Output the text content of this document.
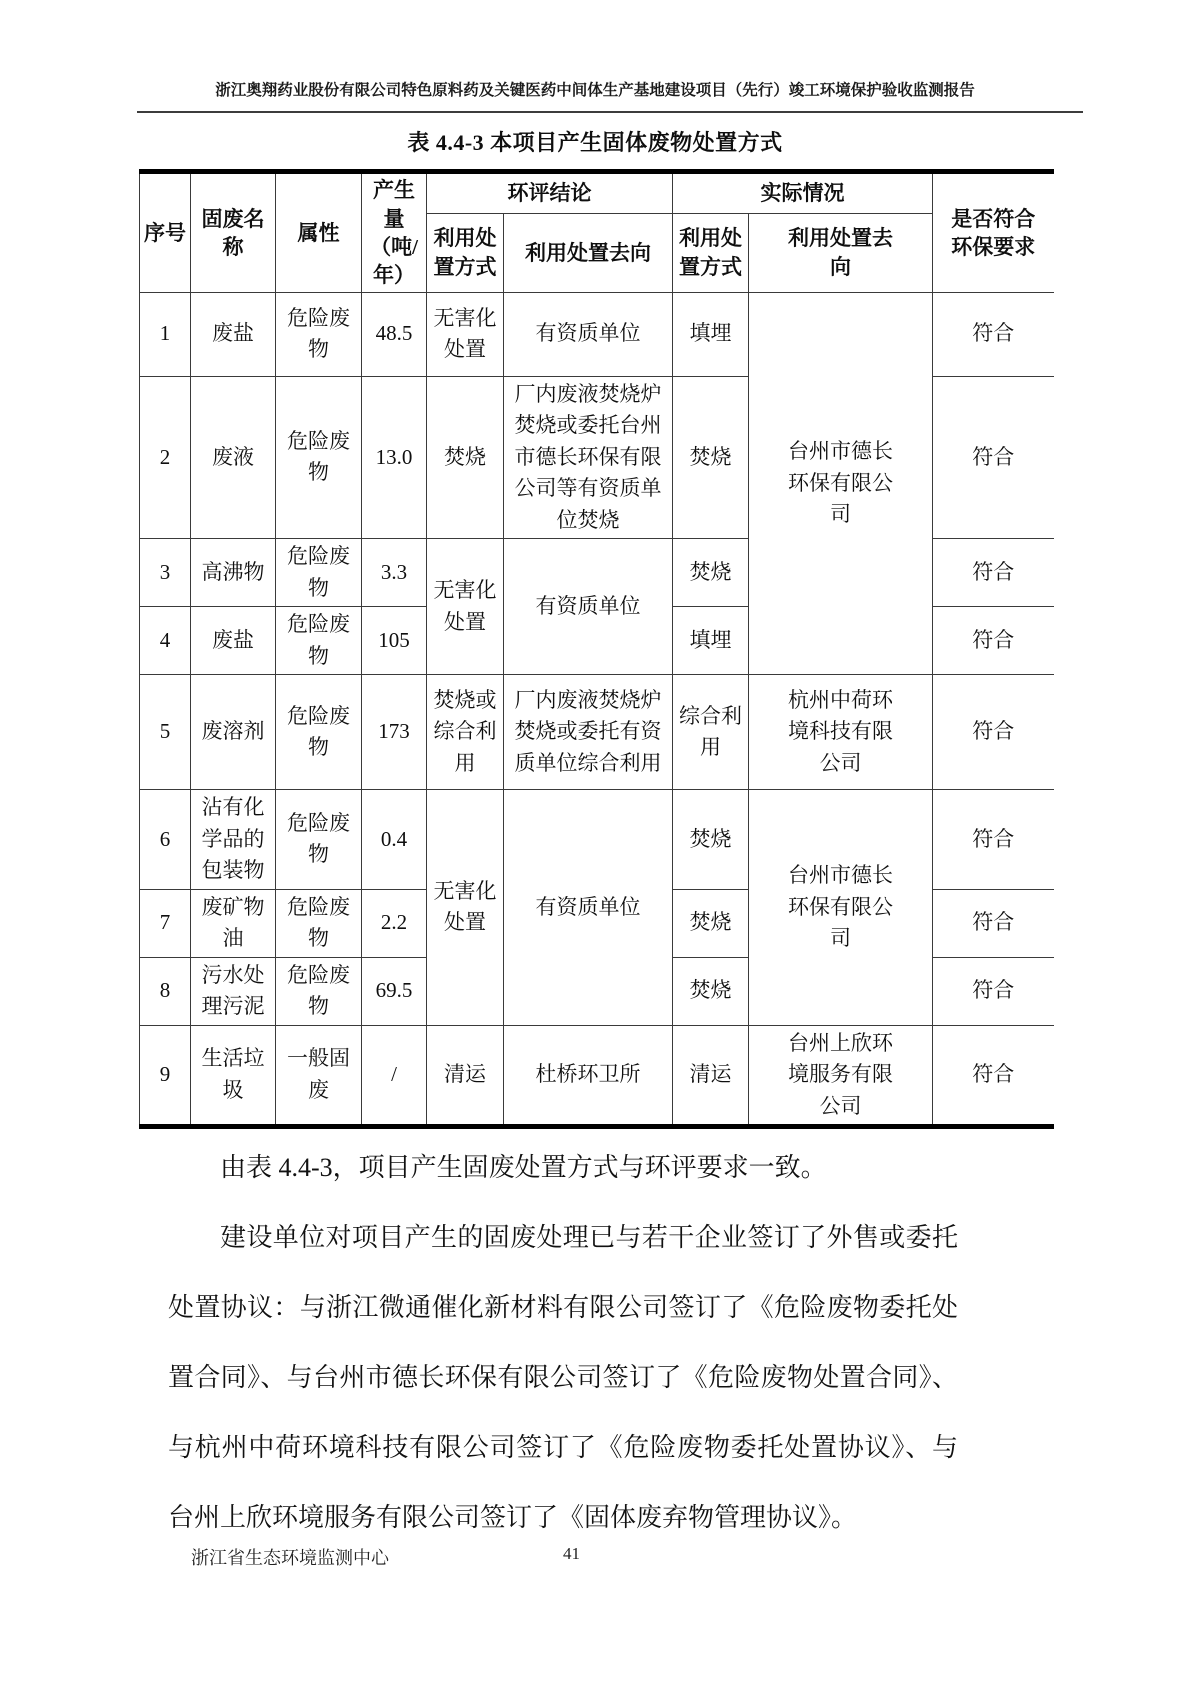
浙江奥翔药业股份有限公司特色原料药及关键医药中间体生产基地建设项目（先行）竣工环境保护验收监测报告
表 4.4-3 本项目产生固体废物处置方式
序号	固废名称	属性	产生量（吨/年）	环评结论		实际情况		是否符合环保要求
				利用处置方式	利用处置去向	利用处置方式	利用处置去向	
1	废盐	危险废物	48.5	无害化处置	有资质单位	填埋	台州市德长环保有限公司	符合
2	废液	危险废物	13.0	焚烧	厂内废液焚烧炉焚烧或委托台州市德长环保有限公司等有资质单位焚烧	焚烧		符合
3	高沸物	危险废物	3.3	无害化处置	有资质单位	焚烧		符合
4	废盐	危险废物	105			填埋		符合
5	废溶剂	危险废物	173	焚烧或综合利用	厂内废液焚烧炉焚烧或委托有资质单位综合利用	综合利用	杭州中荷环境科技有限公司	符合
6	沾有化学品的包装物	危险废物	0.4	无害化处置	有资质单位	焚烧	台州市德长环保有限公司	符合
7	废矿物油	危险废物	2.2			焚烧		符合
8	污水处理污泥	危险废物	69.5			焚烧		符合
9	生活垃圾	一般固废	/	清运	杜桥环卫所	清运	台州上欣环境服务有限公司	符合

由表 4.4-3，项目产生固废处置方式与环评要求一致。

建设单位对项目产生的固废处理已与若干企业签订了外售或委托处置协议：与浙江微通催化新材料有限公司签订了《危险废物委托处置合同》、与台州市德长环保有限公司签订了《危险废物处置合同》、与杭州中荷环境科技有限公司签订了《危险废物委托处置协议》、与台州上欣环境服务有限公司签订了《固体废弃物管理协议》。

浙江省生态环境监测中心	41
